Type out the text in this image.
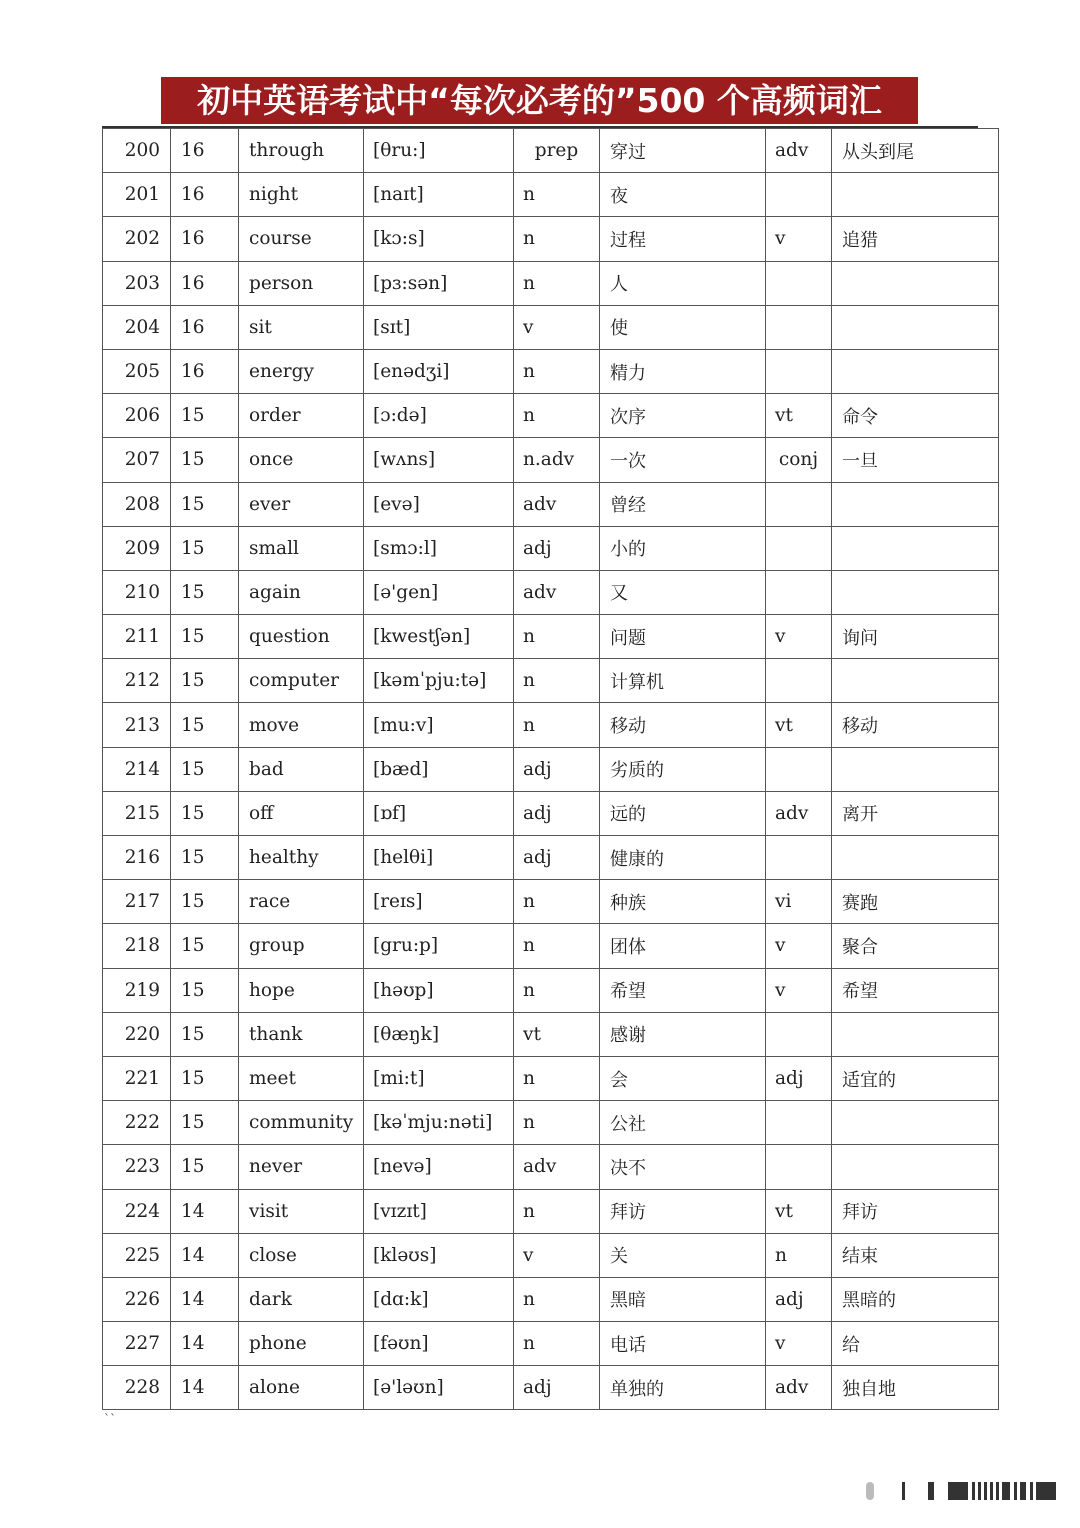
初中英语考试中“每次必考的”500 个高频词汇
200	16	through	[θru:]	prep	穿过	adv	从头到尾
201	16	night	[naɪt]	n	夜		
202	16	course	[kɔ:s]	n	过程	v	追猎
203	16	person	[pɜ:sən]	n	人		
204	16	sit	[sɪt]	v	使		
205	16	energy	[enədʒi]	n	精力		
206	15	order	[ɔ:də]	n	次序	vt	命令
207	15	once	[wʌns]	n.adv	一次	conj	一旦
208	15	ever	[evə]	adv	曾经		
209	15	small	[smɔ:l]	adj	小的		
210	15	again	[ə'gen]	adv	又		
211	15	question	[kwestʃən]	n	问题	v	询问
212	15	computer	[kəmˈpju:tə]	n	计算机		
213	15	move	[mu:v]	n	移动	vt	移动
214	15	bad	[bæd]	adj	劣质的		
215	15	off	[ɒf]	adj	远的	adv	离开
216	15	healthy	[helθi]	adj	健康的		
217	15	race	[reɪs]	n	种族	vi	赛跑
218	15	group	[gru:p]	n	团体	v	聚合
219	15	hope	[həʊp]	n	希望	v	希望
220	15	thank	[θæŋk]	vt	感谢		
221	15	meet	[mi:t]	n	会	adj	适宜的
222	15	community	[kəˈmju:nəti]	n	公社		
223	15	never	[nevə]	adv	决不		
224	14	visit	[vɪzɪt]	n	拜访	vt	拜访
225	14	close	[kləʊs]	v	关	n	结束
226	14	dark	[dɑ:k]	n	黑暗	adj	黑暗的
227	14	phone	[fəʊn]	n	电话	v	给
228	14	alone	[ə'ləʊn]	adj	单独的	adv	独自地
``
